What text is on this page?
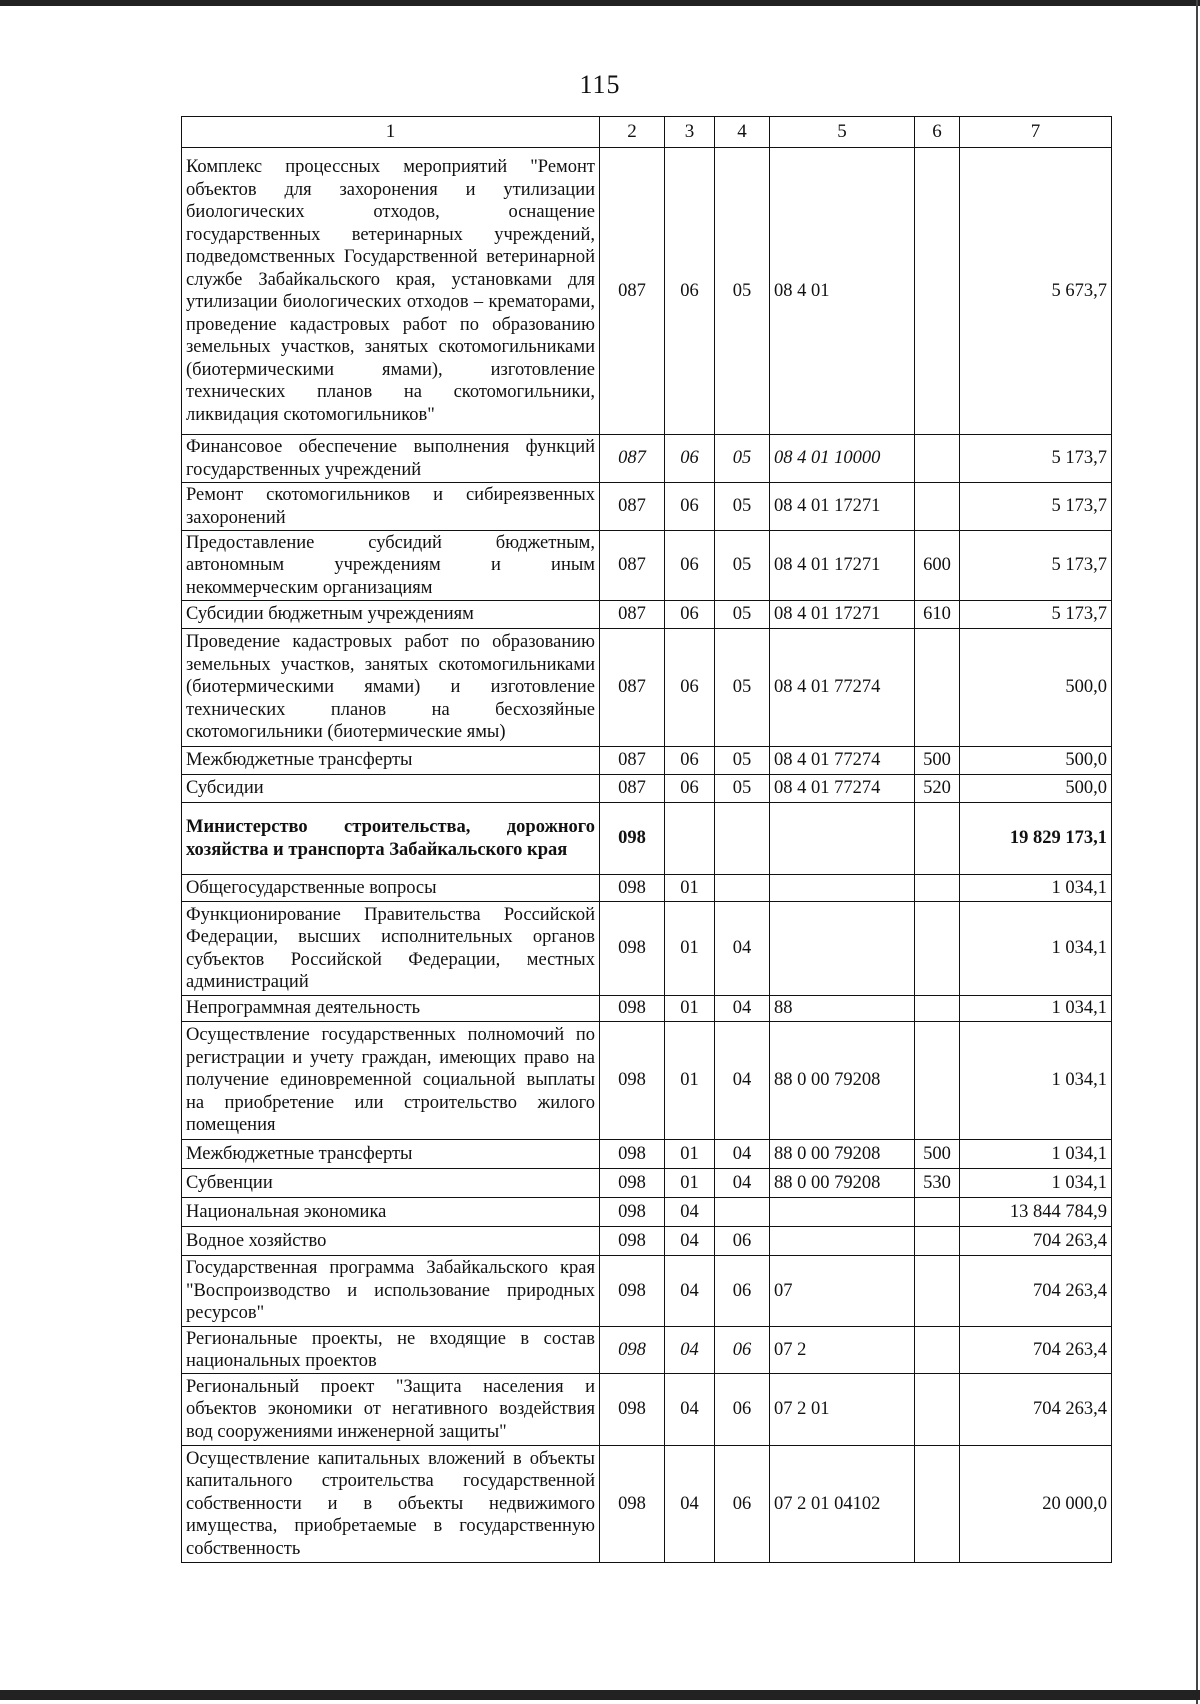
115
1	2	3	4	5	6	7
Комплекс процессных мероприятий "Ремонт объектов для захоронения и утилизации биологических отходов, оснащение государственных ветеринарных учреждений, подведомственных Государственной ветеринарной службе Забайкальского края, установками для утилизации биологических отходов – крематорами, проведение кадастровых работ по образованию земельных участков, занятых скотомогильниками (биотермическими ямами), изготовление технических планов на скотомогильники, ликвидация скотомогильников"	087	06	05	08 4 01		5 673,7
Финансовое обеспечение выполнения функций государственных учреждений	087	06	05	08 4 01 10000		5 173,7
Ремонт скотомогильников и сибиреязвенных захоронений	087	06	05	08 4 01 17271		5 173,7
Предоставление субсидий бюджетным, автономным учреждениям и иным некоммерческим организациям	087	06	05	08 4 01 17271	600	5 173,7
Субсидии бюджетным учреждениям	087	06	05	08 4 01 17271	610	5 173,7
Проведение кадастровых работ по образованию земельных участков, занятых скотомогильниками (биотермическими ямами) и изготовление технических планов на бесхозяйные скотомогильники (биотермические ямы)	087	06	05	08 4 01 77274		500,0
Межбюджетные трансферты	087	06	05	08 4 01 77274	500	500,0
Субсидии	087	06	05	08 4 01 77274	520	500,0
Министерство строительства, дорожного хозяйства и транспорта Забайкальского края	098					19 829 173,1
Общегосударственные вопросы	098	01				1 034,1
Функционирование Правительства Российской Федерации, высших исполнительных органов субъектов Российской Федерации, местных администраций	098	01	04			1 034,1
Непрограммная деятельность	098	01	04	88		1 034,1
Осуществление государственных полномочий по регистрации и учету граждан, имеющих право на получение единовременной социальной выплаты на приобретение или строительство жилого помещения	098	01	04	88 0 00 79208		1 034,1
Межбюджетные трансферты	098	01	04	88 0 00 79208	500	1 034,1
Субвенции	098	01	04	88 0 00 79208	530	1 034,1
Национальная экономика	098	04				13 844 784,9
Водное хозяйство	098	04	06			704 263,4
Государственная программа Забайкальского края "Воспроизводство и использование природных ресурсов"	098	04	06	07		704 263,4
Региональные проекты, не входящие в состав национальных проектов	098	04	06	07 2		704 263,4
Региональный проект "Защита населения и объектов экономики от негативного воздействия вод сооружениями инженерной защиты"	098	04	06	07 2 01		704 263,4
Осуществление капитальных вложений в объекты капитального строительства государственной собственности и в объекты недвижимого имущества, приобретаемые в государственную собственность	098	04	06	07 2 01 04102		20 000,0
